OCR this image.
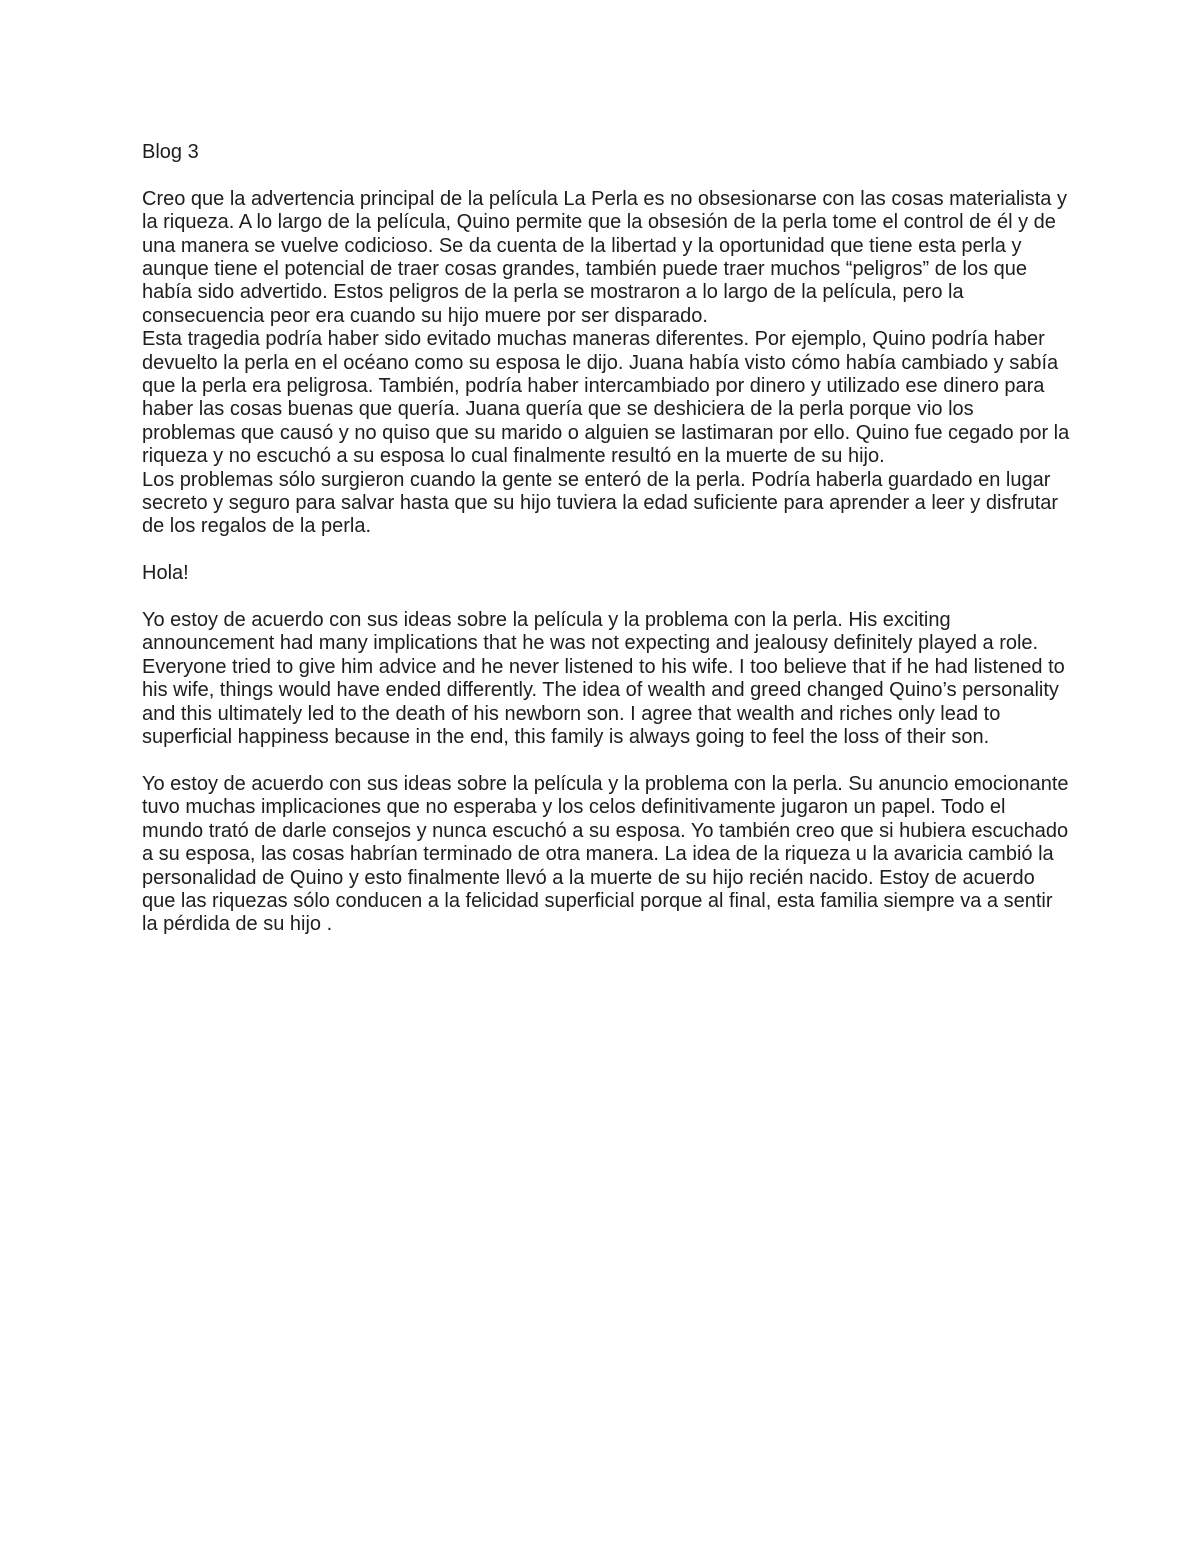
Blog 3

Creo que la advertencia principal de la película La Perla es no obsesionarse con las cosas materialista y la riqueza. A lo largo de la película, Quino permite que la obsesión de la perla tome el control de él y de una manera se vuelve codicioso. Se da cuenta de la libertad y la oportunidad que tiene esta perla y aunque tiene el potencial de traer cosas grandes, también puede traer muchos “peligros” de los que había sido advertido. Estos peligros de la perla se mostraron a lo largo de la película, pero la consecuencia peor era cuando su hijo muere por ser disparado.

Esta tragedia podría haber sido evitado muchas maneras diferentes. Por ejemplo, Quino podría haber devuelto la perla en el océano como su esposa le dijo. Juana había visto cómo había cambiado y sabía que la perla era peligrosa. También, podría haber intercambiado por dinero y utilizado ese dinero para haber las cosas buenas que quería. Juana quería que se deshiciera de la perla porque vio los problemas que causó y no quiso que su marido o alguien se lastimaran por ello. Quino fue cegado por la riqueza y no escuchó a su esposa lo cual finalmente resultó en la muerte de su hijo.

Los problemas sólo surgieron cuando la gente se enteró de la perla. Podría haberla guardado en lugar secreto y seguro para salvar hasta que su hijo tuviera la edad suficiente para aprender a leer y disfrutar de los regalos de la perla.

Hola!

Yo estoy de acuerdo con sus ideas sobre la película y la problema con la perla. His exciting announcement had many implications that he was not expecting and jealousy definitely played a role. Everyone tried to give him advice and he never listened to his wife. I too believe that if he had listened to his wife, things would have ended differently. The idea of wealth and greed changed Quino’s personality and this ultimately led to the death of his newborn son. I agree that wealth and riches only lead to superficial happiness because in the end, this family is always going to feel the loss of their son.

Yo estoy de acuerdo con sus ideas sobre la película y la problema con la perla. Su anuncio emocionante tuvo muchas implicaciones que no esperaba y los celos definitivamente jugaron un papel. Todo el mundo trató de darle consejos y nunca escuchó a su esposa. Yo también creo que si hubiera escuchado a su esposa, las cosas habrían terminado de otra manera. La idea de la riqueza u la avaricia cambió la personalidad de Quino y esto finalmente llevó a la muerte de su hijo recién nacido. Estoy de acuerdo que las riquezas sólo conducen a la felicidad superficial porque al final, esta familia siempre va a sentir la pérdida de su hijo .
